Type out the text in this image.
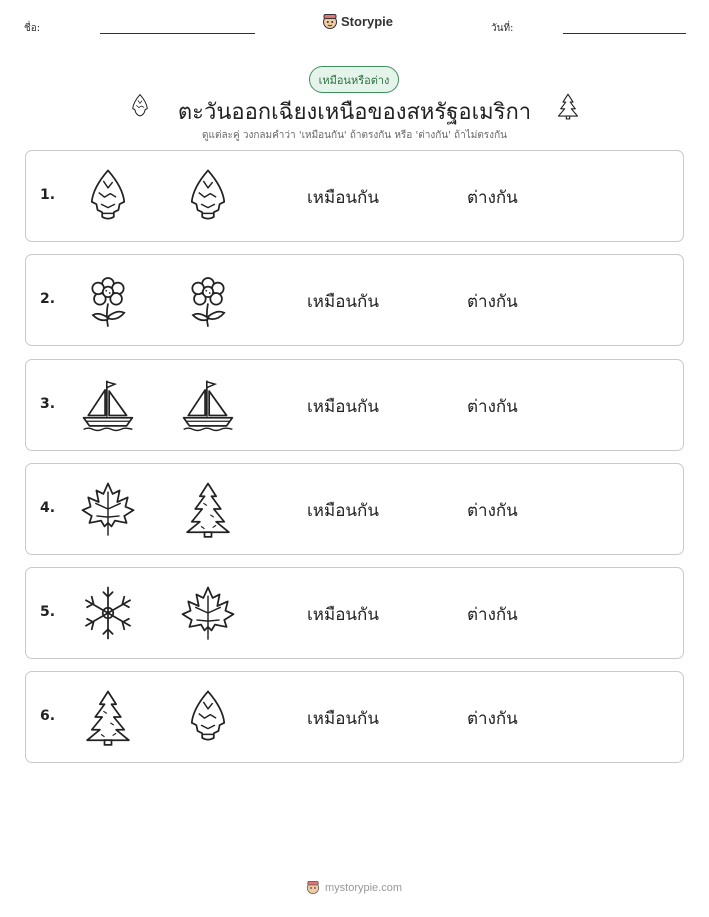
ชื่อ:	Storypie	วันที่:
เหมือนหรือต่าง
ตะวันออกเฉียงเหนือของสหรัฐอเมริกา
ดูแต่ละคู่ วงกลมคำว่า 'เหมือนกัน' ถ้าตรงกัน หรือ 'ต่างกัน' ถ้าไม่ตรงกัน
1.	เหมือนกัน	ต่างกัน
2.	เหมือนกัน	ต่างกัน
3.	เหมือนกัน	ต่างกัน
4.	เหมือนกัน	ต่างกัน
5.	เหมือนกัน	ต่างกัน
6.	เหมือนกัน	ต่างกัน
mystorypie.com
